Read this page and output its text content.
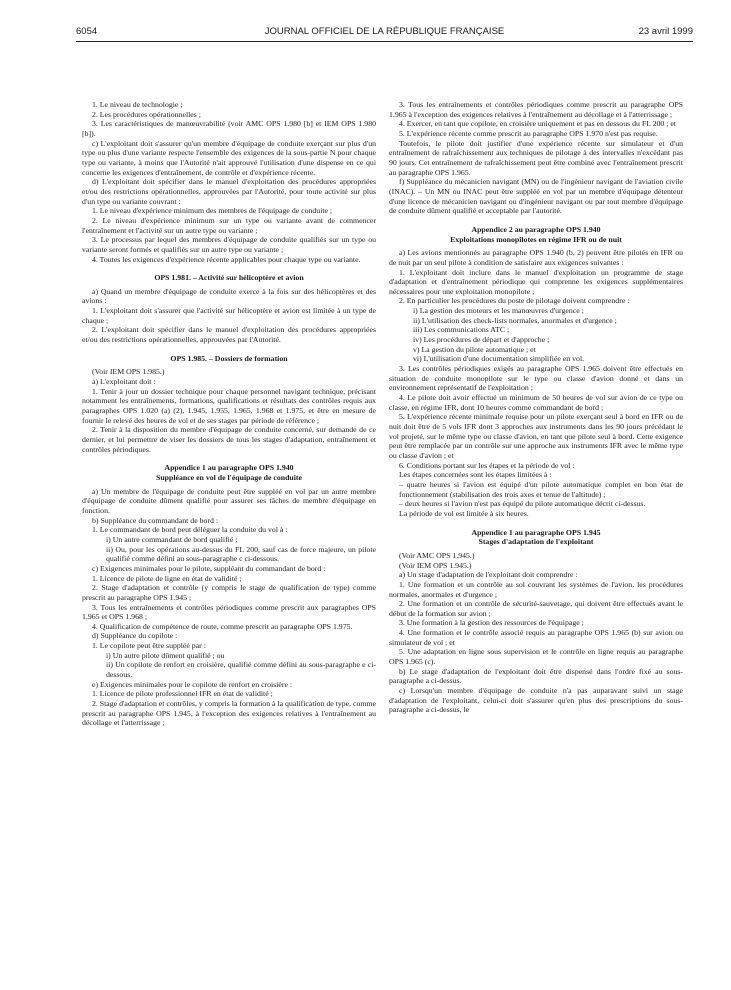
6054	JOURNAL OFFICIEL DE LA RÉPUBLIQUE FRANÇAISE	23 avril 1999

1. Le niveau de technologie ;

2. Les procédures opérationnelles ;

3. Les caractéristiques de manœuvrabilité (voir AMC OPS 1.980 [b] et IEM OPS 1.980 [b]).

c) L'exploitant doit s'assurer qu'un membre d'équipage de conduite exerçant sur plus d'un type ou plus d'une variante respecte l'ensemble des exigences de la sous-partie N pour chaque type ou variante, à moins que l'Autorité n'ait approuvé l'utilisation d'une dispense en ce qui concerne les exigences d'entraînement, de contrôle et d'expérience récente.

d) L'exploitant doit spécifier dans le manuel d'exploitation des procédures appropriées et/ou des restrictions opérationnelles, approuvées par l'Autorité, pour toute activité sur plus d'un type ou variante couvrant :

1. Le niveau d'expérience minimum des membres de l'équipage de conduite ;

2. Le niveau d'expérience minimum sur un type ou variante avant de commencer l'entraînement et l'activité sur un autre type ou variante ;

3. Le processus par lequel des membres d'équipage de conduite qualifiés sur un type ou variante seront formés et qualifiés sur un autre type ou variante ;

4. Toutes les exigences d'expérience récente applicables pour chaque type ou variante.

OPS 1.981. – Activité sur hélicoptère et avion

a) Quand un membre d'équipage de conduite exerce à la fois sur des hélicoptères et des avions :

1. L'exploitant doit s'assurer que l'activité sur hélicoptère et avion est limitée à un type de chaque ;

2. L'exploitant doit spécifier dans le manuel d'exploitation des procédures appropriées et/ou des restrictions opérationnelles, approuvées par l'Autorité.

OPS 1.985. – Dossiers de formation

(Voir IEM OPS 1.985.)

a) L'exploitant doit :

1. Tenir à jour un dossier technique pour chaque personnel navigant technique, précisant notamment les entraînements, formations, qualifications et résultats des contrôles requis aux paragraphes OPS 1.020 (a) (2), 1.945, 1.955, 1.965, 1.968 et 1.975, et être en mesure de fournir le relevé des heures de vol et de ses stages par période de référence ;

2. Tenir à la disposition du membre d'équipage de conduite concerné, sur demande de ce dernier, et lui permettre de viser les dossiers de tous les stages d'adaptation, entraînement et contrôles périodiques.

Appendice 1 au paragraphe OPS 1.940

Suppléance en vol de l'équipage de conduite

a) Un membre de l'équipage de conduite peut être suppléé en vol par un autre membre d'équipage de conduite dûment qualifié pour assurer ses tâches de membre d'équipage en fonction.

b) Suppléance du commandant de bord :

1. Le commandant de bord peut déléguer la conduite du vol à :

i) Un autre commandant de bord qualifié ;

ii) Ou, pour les opérations au-dessus du FL 200, sauf cas de force majeure, un pilote qualifié comme défini au sous-paragraphe c ci-dessous.

c) Exigences minimales pour le pilote, suppléant du commandant de bord :

1. Licence de pilote de ligne en état de validité ;

2. Stage d'adaptation et contrôle (y compris le stage de qualification de type) comme prescrit au paragraphe OPS 1.945 ;

3. Tous les entraînements et contrôles périodiques comme prescrit aux paragraphes OPS 1.965 et OPS 1.968 ;

4. Qualification de compétence de route, comme prescrit au paragraphe OPS 1.975.

d) Suppléance du copilote :

1. Le copilote peut être suppléé par :

i) Un autre pilote dûment qualifié ; ou

ii) Un copilote de renfort en croisière, qualifié comme défini au sous-paragraphe e ci-dessous.

e) Exigences minimales pour le copilote de renfort en croisière :

1. Licence de pilote professionnel IFR en état de validité ;

2. Stage d'adaptation et contrôles, y compris la formation à la qualification de type, comme prescrit au paragraphe OPS 1.945, à l'exception des exigences relatives à l'entraînement au décollage et l'atterrissage ;

3. Tous les entraînements et contrôles périodiques comme prescrit au paragraphe OPS 1.965 à l'exception des exigences relatives à l'entraînement au décollage et à l'atterrissage ;

4. Exercer, en tant que copilote, en croisière uniquement et pas en dessous du FL 200 ; et

5. L'expérience récente comme prescrit au paragraphe OPS 1.970 n'est pas requise.

Toutefois, le pilote doit justifier d'une expérience récente sur simulateur et d'un entraînement de rafraîchissement aux techniques de pilotage à des intervalles n'excédant pas 90 jours. Cet entraînement de rafraîchissement peut être combiné avec l'entraînement prescrit au paragraphe OPS 1.965.

f) Suppléance du mécanicien navigant (MN) ou de l'ingénieur navigant de l'aviation civile (INAC). – Un MN ou INAC peut être suppléé en vol par un membre d'équipage détenteur d'une licence de mécanicien navigant ou d'ingénieur navigant ou par tout membre d'équipage de conduite dûment qualifié et acceptable par l'autorité.

Appendice 2 au paragraphe OPS 1.940

Exploitations monopilotes en régime IFR ou de nuit

a) Les avions mentionnés au paragraphe OPS 1.940 (b, 2) peuvent être pilotés en IFR ou de nuit par un seul pilote à condition de satisfaire aux exigences suivantes :

1. L'exploitant doit inclure dans le manuel d'exploitation un programme de stage d'adaptation et d'entraînement périodique qui comprenne les exigences supplémentaires nécessaires pour une exploitation monopilote ;

2. En particulier les procédures du poste de pilotage doivent comprendre :

i) La gestion des moteurs et les manœuvres d'urgence ;

ii) L'utilisation des check-lists normales, anormales et d'urgence ;

iii) Les communications ATC ;

iv) Les procédures de départ et d'approche ;

v) La gestion du pilote automatique ; et

vi) L'utilisation d'une documentation simplifiée en vol.

3. Les contrôles périodiques exigés au paragraphe OPS 1.965 doivent être effectués en situation de conduite monopilote sur le type ou classe d'avion donné et dans un environnement représentatif de l'exploitation ;

4. Le pilote doit avoir effectué un minimum de 50 heures de vol sur avion de ce type ou classe, en régime IFR, dont 10 heures comme commandant de bord ;

5. L'expérience récente minimale requise pour un pilote exerçant seul à bord en IFR ou de nuit doit être de 5 vols IFR dont 3 approches aux instruments dans les 90 jours précédant le vol projeté, sur le même type ou classe d'avion, en tant que pilote seul à bord. Cette exigence peut être remplacée par un contrôle sur une approche aux instruments IFR avec le même type ou classe d'avion ; et

6. Conditions portant sur les étapes et la période de vol :

Les étapes concernées sont les étapes limitées à :

– quatre heures si l'avion est équipé d'un pilote automatique complet en bon état de fonctionnement (stabilisation des trois axes et tenue de l'altitude) ;

– deux heures si l'avion n'est pas équipé du pilote automatique décrit ci-dessus.

La période de vol est limitée à six heures.

Appendice 1 au paragraphe OPS 1.945

Stages d'adaptation de l'exploitant

(Voir AMC OPS 1.945.)

(Voir IEM OPS 1.945.)

a) Un stage d'adaptation de l'exploitant doit comprendre :

1. Une formation et un contrôle au sol couvrant les systèmes de l'avion, les procédures normales, anormales et d'urgence ;

2. Une formation et un contrôle de sécurité-sauvetage, qui doivent être effectués avant le début de la formation sur avion ;

3. Une formation à la gestion des ressources de l'équipage ;

4. Une formation et le contrôle associé requis au paragraphe OPS 1.965 (b) sur avion ou simulateur de vol ; et

5. Une adaptation en ligne sous supervision et le contrôle en ligne requis au paragraphe OPS 1.965 (c).

b) Le stage d'adaptation de l'exploitant doit être dispensé dans l'ordre fixé au sous-paragraphe a ci-dessus.

c) Lorsqu'un membre d'équipage de conduite n'a pas auparavant suivi un stage d'adaptation de l'exploitant, celui-ci doit s'assurer qu'en plus des prescriptions du sous-paragraphe a ci-dessus, le
